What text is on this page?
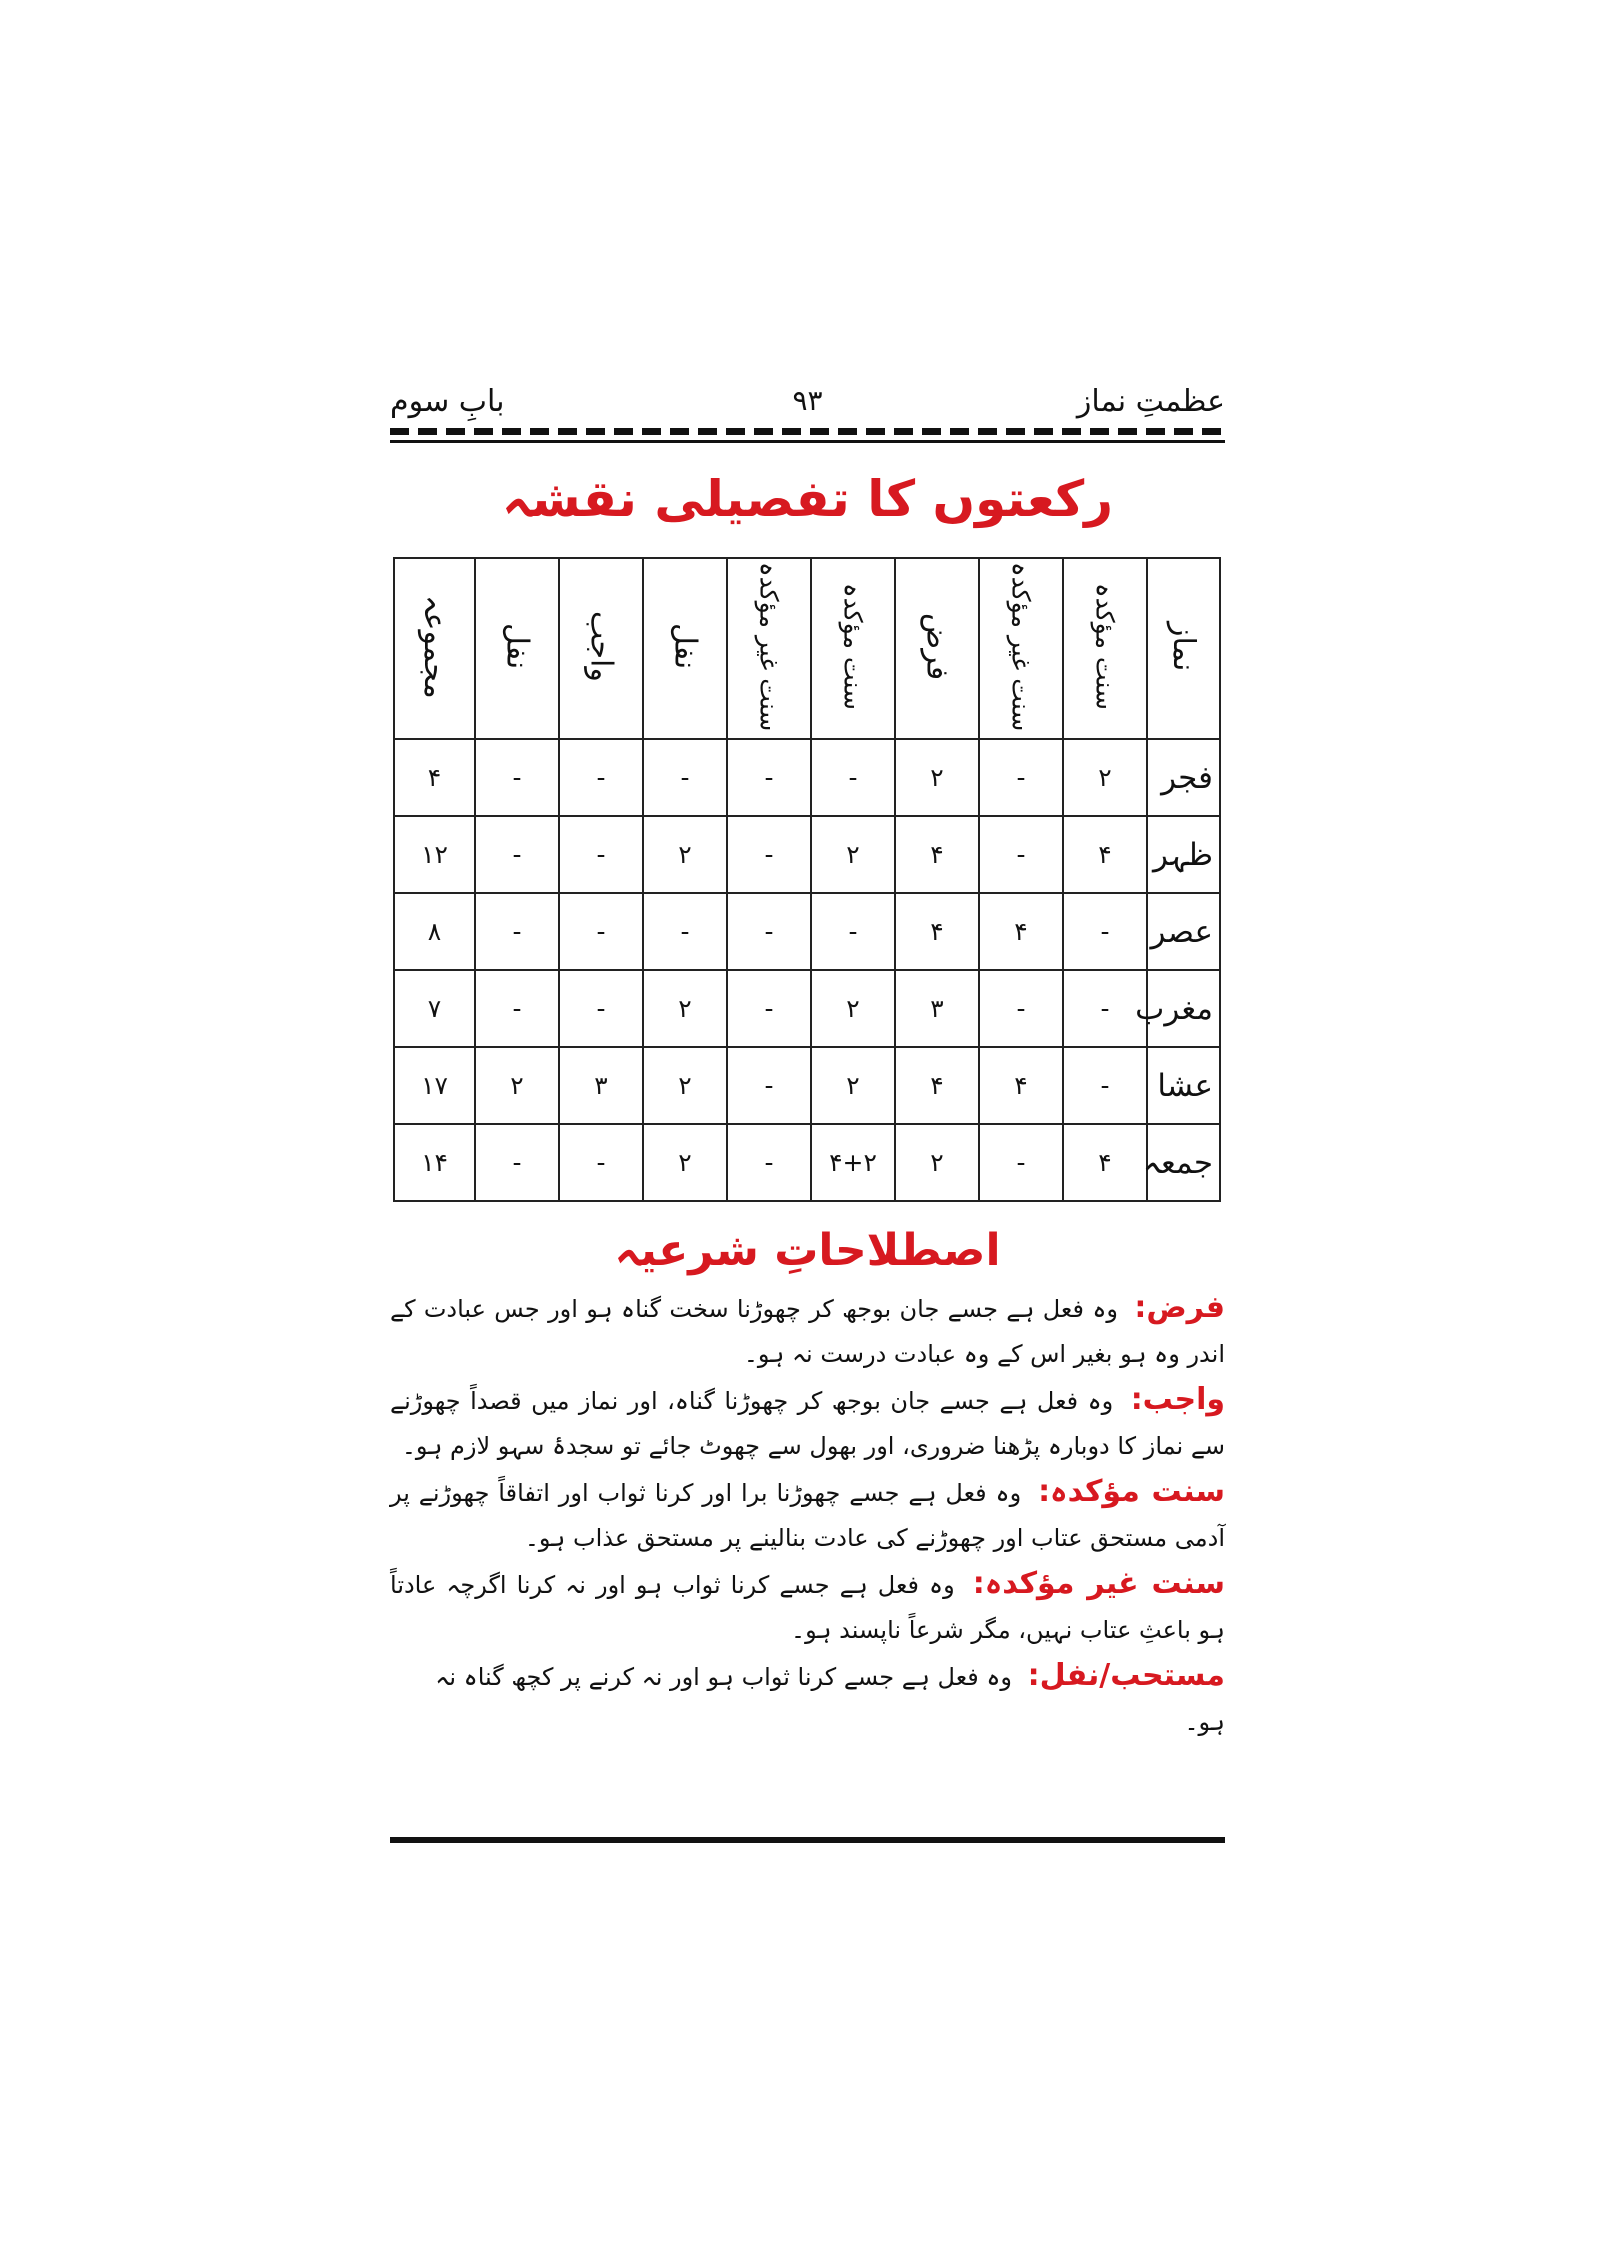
عظمتِ نماز
۹۳
بابِ سوم
رکعتوں کا تفصیلی نقشہ
نماز	سنت مؤکدہ	سنت غیر مؤکدہ	فرض	سنت مؤکدہ	سنت غیر مؤکدہ	نفل	واجب	نفل	مجموعہ
فجر	۲	-	۲	-	-	-	-	-	۴
ظہر	۴	-	۴	۲	-	۲	-	-	۱۲
عصر	-	۴	۴	-	-	-	-	-	۸
مغرب	-	-	۳	۲	-	۲	-	-	۷
عشا	-	۴	۴	۲	-	۲	۳	۲	۱۷
جمعہ	۴	-	۲	۴+۲	-	۲	-	-	۱۴
اصطلاحاتِ شرعیہ

فرض: وہ فعل ہے جسے جان بوجھ کر چھوڑنا سخت گناہ ہو اور جس عبادت کے اندر وہ ہو بغیر اس کے وہ عبادت درست نہ ہو۔

واجب: وہ فعل ہے جسے جان بوجھ کر چھوڑنا گناہ، اور نماز میں قصداً چھوڑنے سے نماز کا دوبارہ پڑھنا ضروری، اور بھول سے چھوٹ جائے تو سجدۂ سہو لازم ہو۔

سنت مؤکدہ: وہ فعل ہے جسے چھوڑنا برا اور کرنا ثواب اور اتفاقاً چھوڑنے پر آدمی مستحق عتاب اور چھوڑنے کی عادت بنالینے پر مستحق عذاب ہو۔

سنت غیر مؤکدہ: وہ فعل ہے جسے کرنا ثواب ہو اور نہ کرنا اگرچہ عادتاً ہو باعثِ عتاب نہیں، مگر شرعاً ناپسند ہو۔

مستحب/نفل: وہ فعل ہے جسے کرنا ثواب ہو اور نہ کرنے پر کچھ گناہ نہ ہو۔
